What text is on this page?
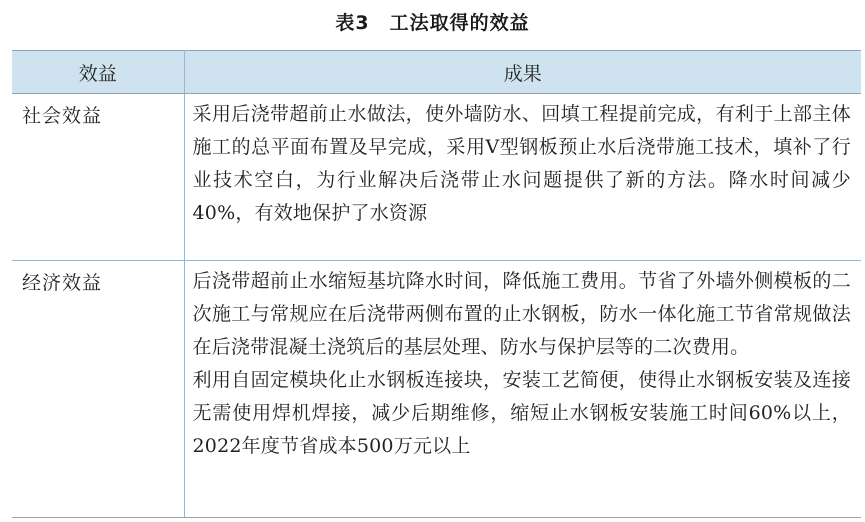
表3 工法取得的效益
效益	成果
社会效益	采用后浇带超前止水做法，使外墙防水、回填工程提前完成，有利于上部主体施工的总平面布置及早完成，采用V型钢板预止水后浇带施工技术，填补了行业技术空白，为行业解决后浇带止水问题提供了新的方法。降水时间减少40%，有效地保护了水资源

经济效益	后浇带超前止水缩短基坑降水时间，降低施工费用。节省了外墙外侧模板的二次施工与常规应在后浇带两侧布置的止水钢板，防水一体化施工节省常规做法在后浇带混凝土浇筑后的基层处理、防水与保护层等的二次费用。

利用自固定模块化止水钢板连接块，安装工艺简便，使得止水钢板安装及连接无需使用焊机焊接，减少后期维修，缩短止水钢板安装施工时间60%以上，2022年度节省成本500万元以上
